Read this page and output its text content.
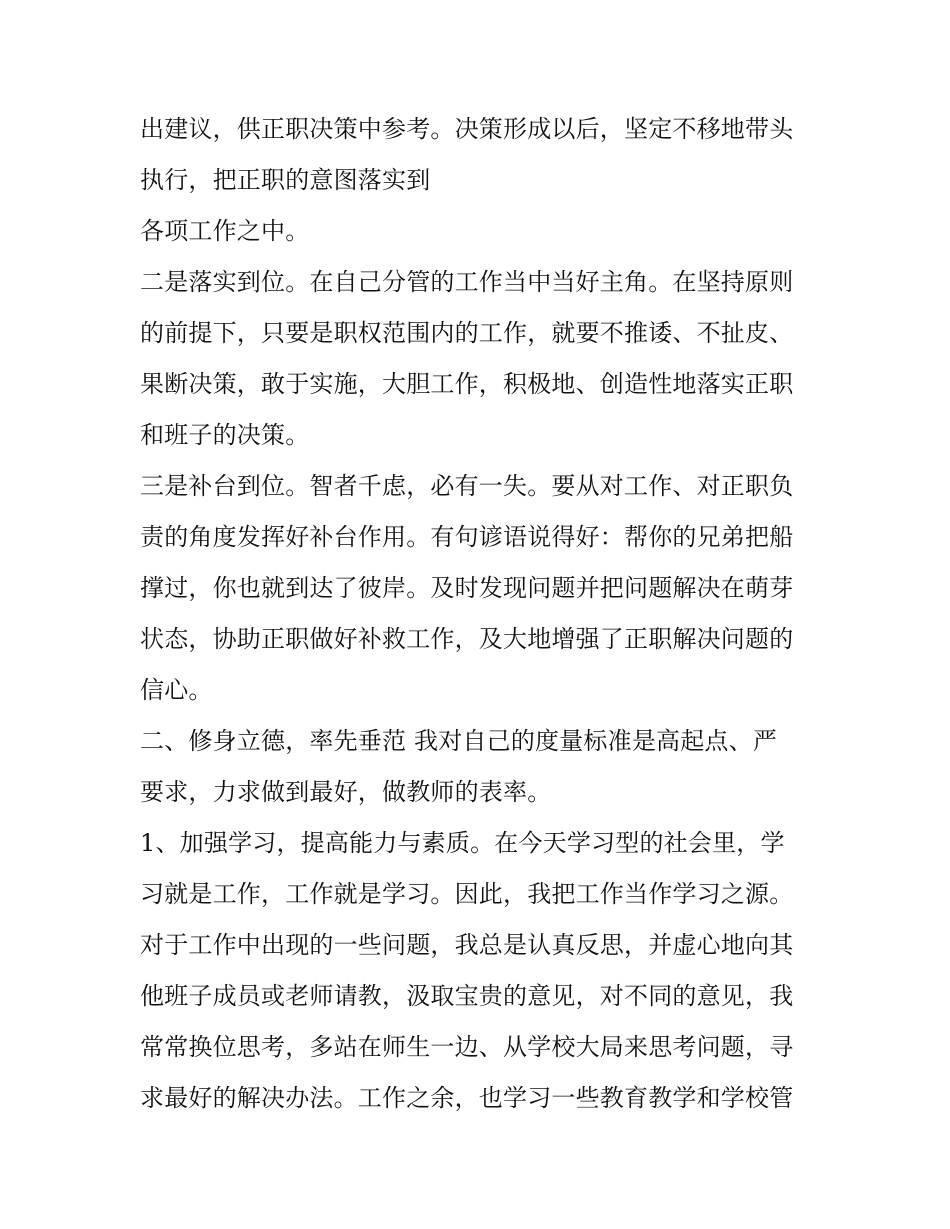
出建议，供正职决策中参考。决策形成以后，坚定不移地带头
执行，把正职的意图落实到
各项工作之中。
二是落实到位。在自己分管的工作当中当好主角。在坚持原则
的前提下，只要是职权范围内的工作，就要不推诿、不扯皮、
果断决策，敢于实施，大胆工作，积极地、创造性地落实正职
和班子的决策。
三是补台到位。智者千虑，必有一失。要从对工作、对正职负
责的角度发挥好补台作用。有句谚语说得好：帮你的兄弟把船
撑过，你也就到达了彼岸。及时发现问题并把问题解决在萌芽
状态，协助正职做好补救工作，及大地增强了正职解决问题的
信心。
二、修身立德，率先垂范 我对自己的度量标准是高起点、严
要求，力求做到最好，做教师的表率。
1、加强学习，提高能力与素质。在今天学习型的社会里，学
习就是工作，工作就是学习。因此，我把工作当作学习之源。
对于工作中出现的一些问题，我总是认真反思，并虚心地向其
他班子成员或老师请教，汲取宝贵的意见，对不同的意见，我
常常换位思考，多站在师生一边、从学校大局来思考问题，寻
求最好的解决办法。工作之余，也学习一些教育教学和学校管
